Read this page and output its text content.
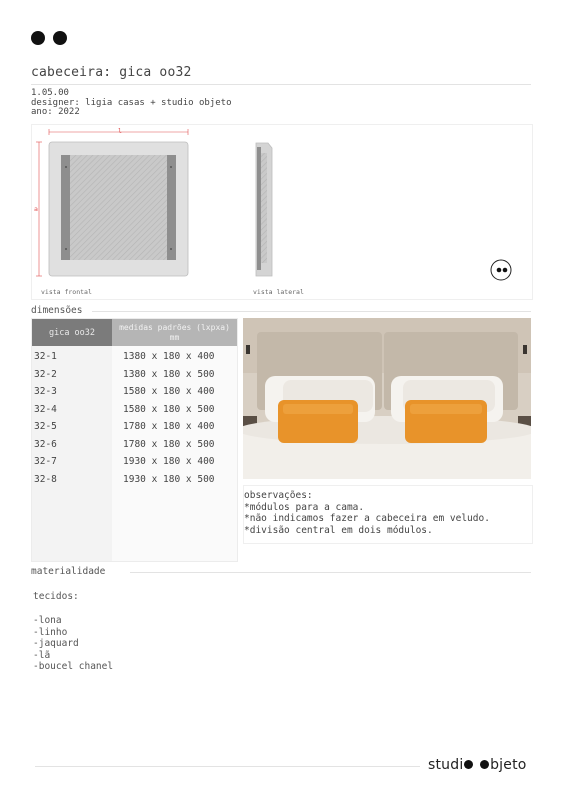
cabeceira: gica oo32
1.05.00
designer: ligia casas + studio objeto
ano: 2022
vista frontal	vista lateral
l
a
dimensões
gica oo32
medidas padrões (lxpxa) mm
32-1	1380 x 180 x 400
32-2	1380 x 180 x 500
32-3	1580 x 180 x 400
32-4	1580 x 180 x 500
32-5	1780 x 180 x 400
32-6	1780 x 180 x 500
32-7	1930 x 180 x 400
32-8	1930 x 180 x 500
observações:
*módulos para a cama.
*não indicamos fazer a cabeceira em veludo.
*divisão central em dois módulos.
materialidade
tecidos:
-lona
-linho
-jaquard
-lã
-boucel chanel
studi bjeto
